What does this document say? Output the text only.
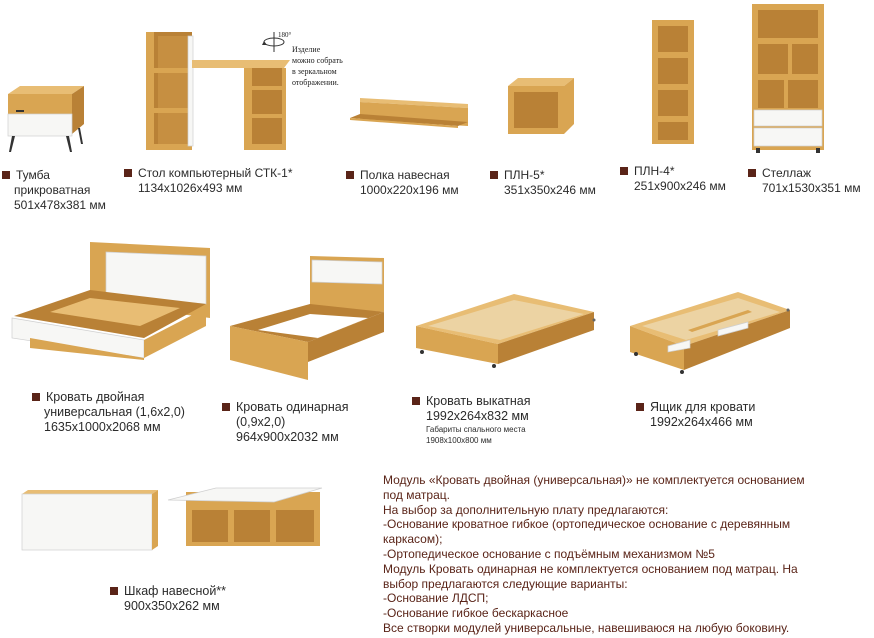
180°
Изделие
можно собрать
в зеркальном
отображении.
Тумба
прикроватная
501x478x381 мм
Стол компьютерный СТК-1*
1134x1026x493 мм
Полка навесная
1000x220x196 мм
ПЛН-5*
351x350x246 мм
ПЛН-4*
251x900x246 мм
Стеллаж
701x1530x351 мм
Кровать двойная
универсальная (1,6x2,0)
1635x1000x2068 мм
Кровать одинарная
(0,9x2,0)
964x900x2032 мм
Кровать выкатная
1992x264x832 мм
Габариты спального места
1908x100x800 мм
Ящик для кровати
1992x264x466 мм
Шкаф навесной**
900x350x262 мм
Модуль «Кровать двойная (универсальная)» не комплектуется основанием
под матрац.
На выбор за дополнительную плату предлагаются:
-Основание кроватное гибкое (ортопедическое основание с деревянным
каркасом);
-Ортопедическое основание с подъёмным механизмом №5
Модуль Кровать одинарная не комплектуется основанием под матрац. На
выбор предлагаются следующие варианты:
-Основание ЛДСП;
-Основание гибкое бескаркасное
Все створки модулей универсальные, навешиваюся на любую боковину.
